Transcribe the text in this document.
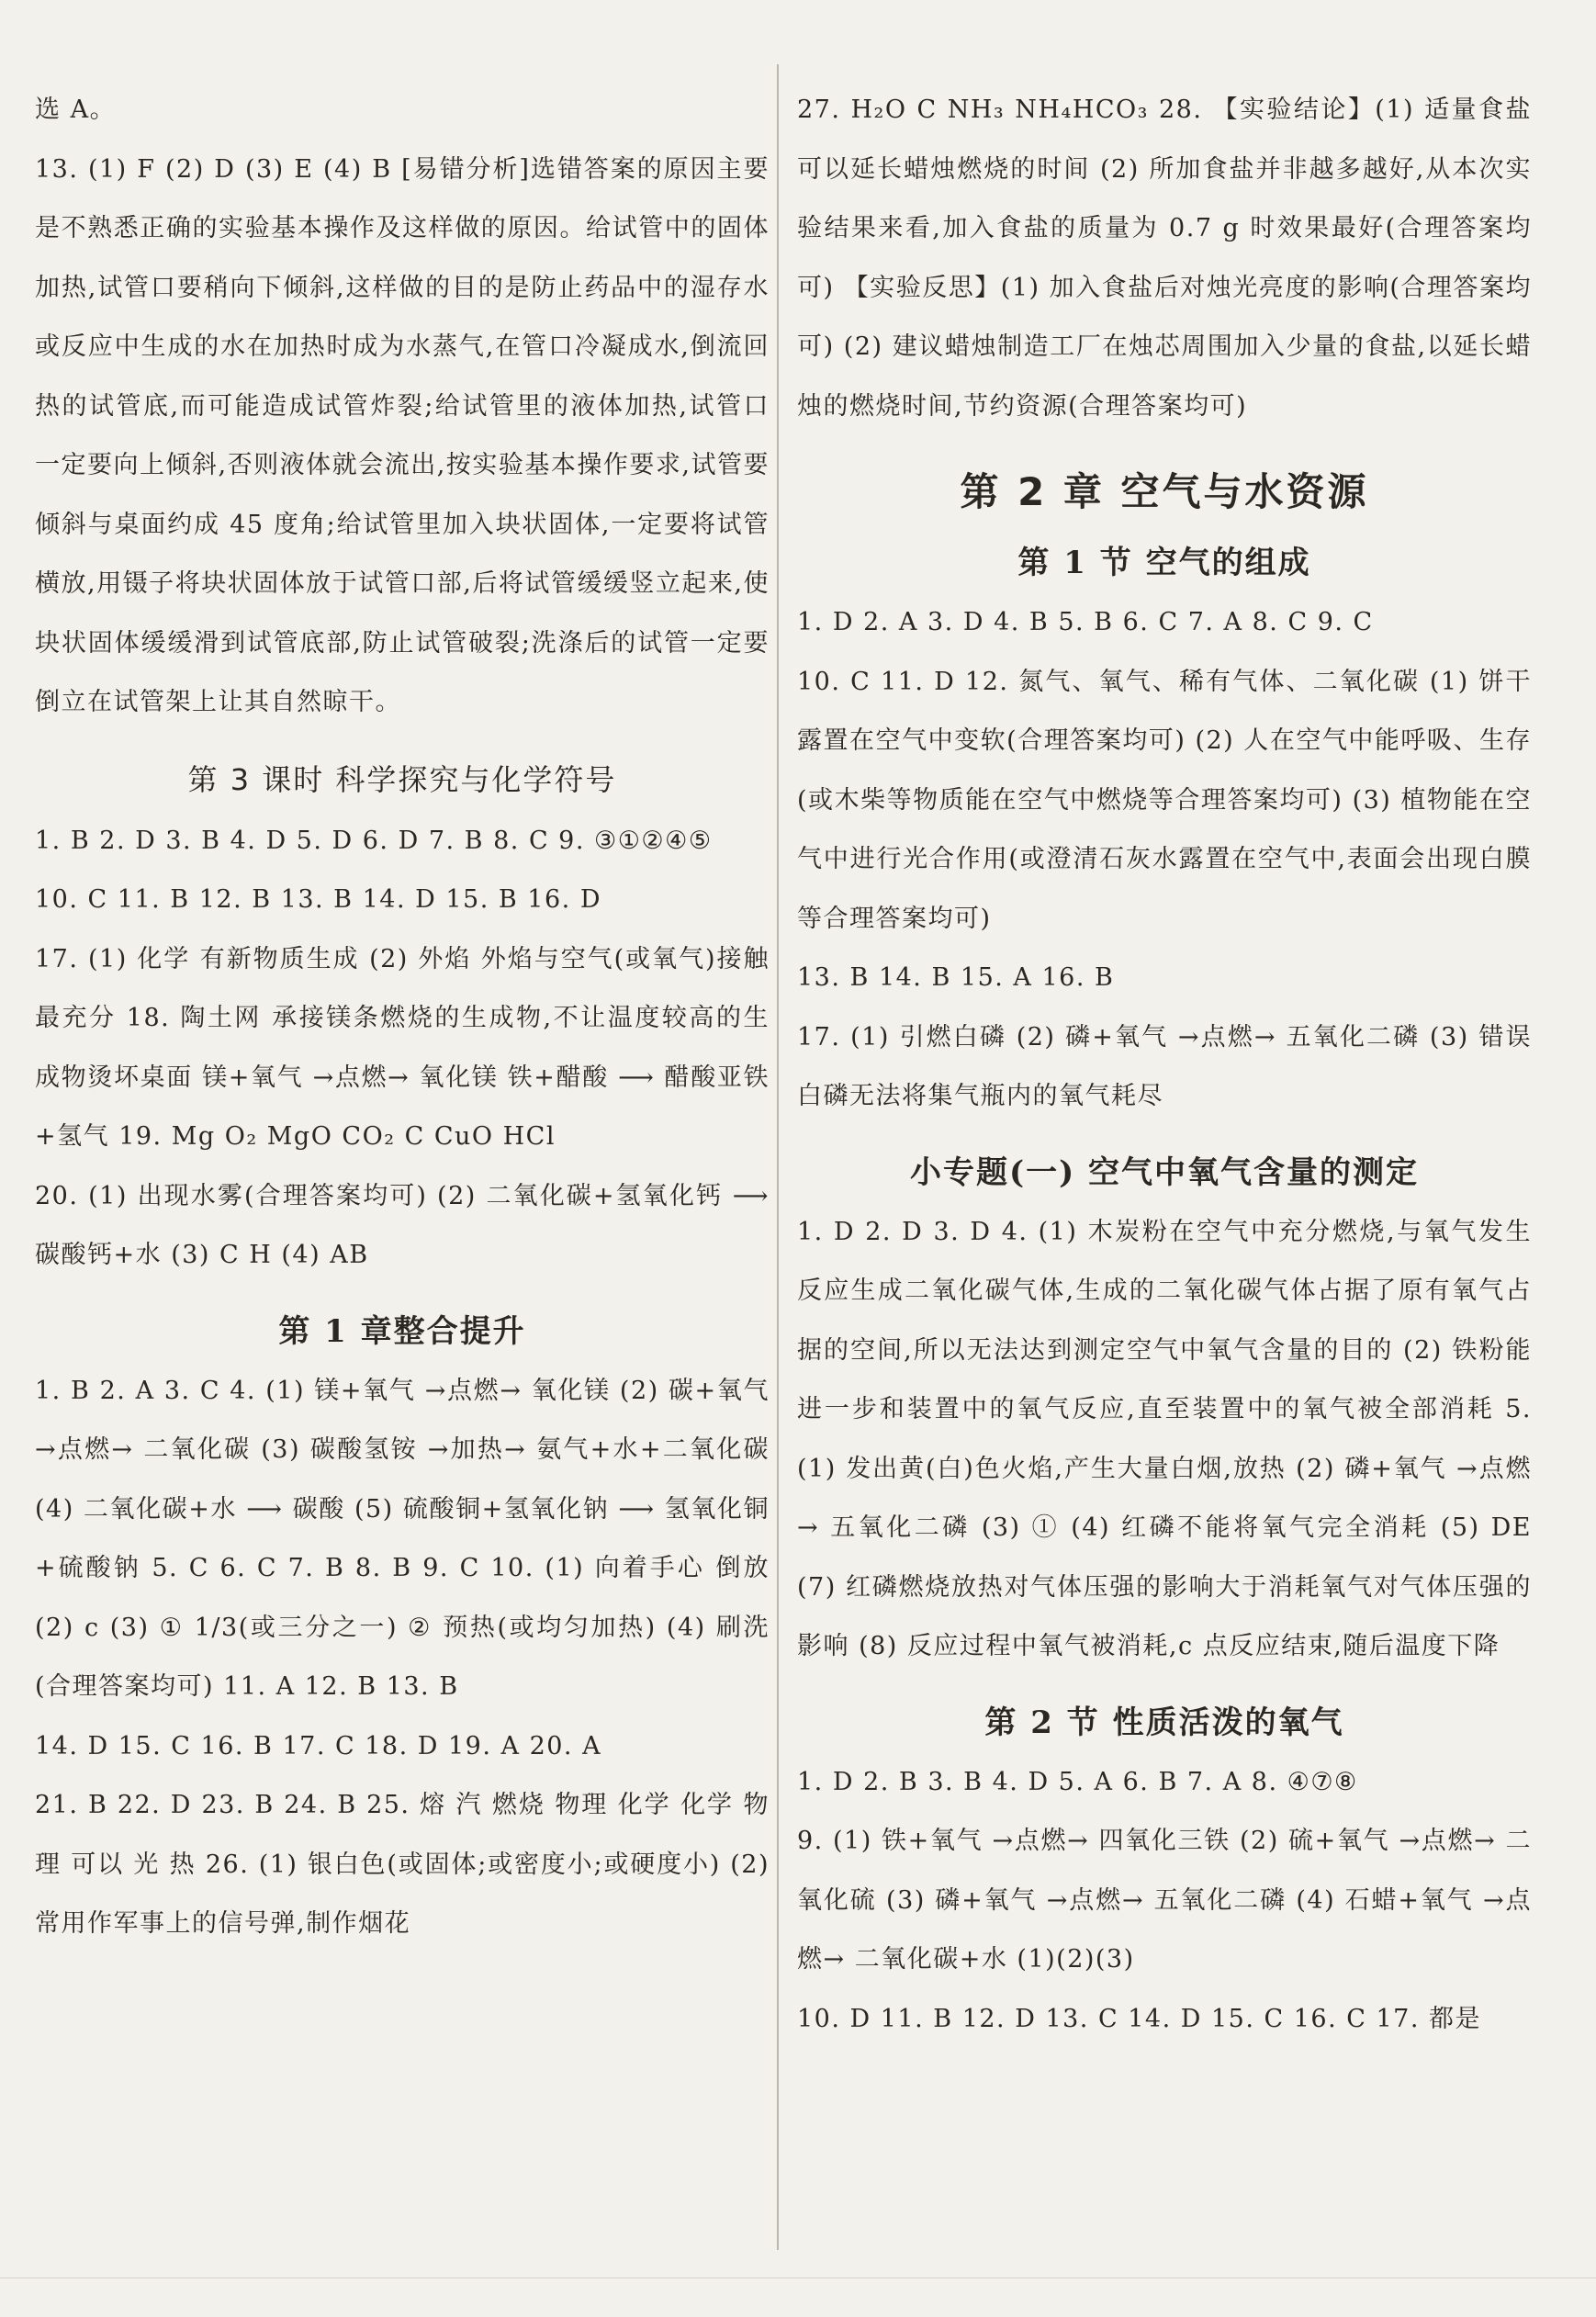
选 A。

13. (1) F (2) D (3) E (4) B [易错分析]选错答案的原因主要是不熟悉正确的实验基本操作及这样做的原因。给试管中的固体加热,试管口要稍向下倾斜,这样做的目的是防止药品中的湿存水或反应中生成的水在加热时成为水蒸气,在管口冷凝成水,倒流回热的试管底,而可能造成试管炸裂;给试管里的液体加热,试管口一定要向上倾斜,否则液体就会流出,按实验基本操作要求,试管要倾斜与桌面约成 45 度角;给试管里加入块状固体,一定要将试管横放,用镊子将块状固体放于试管口部,后将试管缓缓竖立起来,使块状固体缓缓滑到试管底部,防止试管破裂;洗涤后的试管一定要倒立在试管架上让其自然晾干。

第 3 课时 科学探究与化学符号

1. B 2. D 3. B 4. D 5. D 6. D 7. B 8. C 9. ③①②④⑤

10. C 11. B 12. B 13. B 14. D 15. B 16. D

17. (1) 化学 有新物质生成 (2) 外焰 外焰与空气(或氧气)接触最充分 18. 陶土网 承接镁条燃烧的生成物,不让温度较高的生成物烫坏桌面 镁+氧气 →点燃→ 氧化镁 铁+醋酸 ⟶ 醋酸亚铁+氢气 19. Mg O₂ MgO CO₂ C CuO HCl

20. (1) 出现水雾(合理答案均可) (2) 二氧化碳+氢氧化钙 ⟶ 碳酸钙+水 (3) C H (4) AB

第 1 章整合提升

1. B 2. A 3. C 4. (1) 镁+氧气 →点燃→ 氧化镁 (2) 碳+氧气 →点燃→ 二氧化碳 (3) 碳酸氢铵 →加热→ 氨气+水+二氧化碳 (4) 二氧化碳+水 ⟶ 碳酸 (5) 硫酸铜+氢氧化钠 ⟶ 氢氧化铜+硫酸钠 5. C 6. C 7. B 8. B 9. C 10. (1) 向着手心 倒放 (2) c (3) ① 1/3(或三分之一) ② 预热(或均匀加热) (4) 刷洗(合理答案均可) 11. A 12. B 13. B

14. D 15. C 16. B 17. C 18. D 19. A 20. A

21. B 22. D 23. B 24. B 25. 熔 汽 燃烧 物理 化学 化学 物理 可以 光 热 26. (1) 银白色(或固体;或密度小;或硬度小) (2) 常用作军事上的信号弹,制作烟花

27. H₂O C NH₃ NH₄HCO₃ 28. 【实验结论】(1) 适量食盐可以延长蜡烛燃烧的时间 (2) 所加食盐并非越多越好,从本次实验结果来看,加入食盐的质量为 0.7 g 时效果最好(合理答案均可) 【实验反思】(1) 加入食盐后对烛光亮度的影响(合理答案均可) (2) 建议蜡烛制造工厂在烛芯周围加入少量的食盐,以延长蜡烛的燃烧时间,节约资源(合理答案均可)

第 2 章 空气与水资源
第 1 节 空气的组成

1. D 2. A 3. D 4. B 5. B 6. C 7. A 8. C 9. C

10. C 11. D 12. 氮气、氧气、稀有气体、二氧化碳 (1) 饼干露置在空气中变软(合理答案均可) (2) 人在空气中能呼吸、生存(或木柴等物质能在空气中燃烧等合理答案均可) (3) 植物能在空气中进行光合作用(或澄清石灰水露置在空气中,表面会出现白膜等合理答案均可)

13. B 14. B 15. A 16. B

17. (1) 引燃白磷 (2) 磷+氧气 →点燃→ 五氧化二磷 (3) 错误 白磷无法将集气瓶内的氧气耗尽

小专题(一) 空气中氧气含量的测定

1. D 2. D 3. D 4. (1) 木炭粉在空气中充分燃烧,与氧气发生反应生成二氧化碳气体,生成的二氧化碳气体占据了原有氧气占据的空间,所以无法达到测定空气中氧气含量的目的 (2) 铁粉能进一步和装置中的氧气反应,直至装置中的氧气被全部消耗 5. (1) 发出黄(白)色火焰,产生大量白烟,放热 (2) 磷+氧气 →点燃→ 五氧化二磷 (3) ① (4) 红磷不能将氧气完全消耗 (5) DE (7) 红磷燃烧放热对气体压强的影响大于消耗氧气对气体压强的影响 (8) 反应过程中氧气被消耗,c 点反应结束,随后温度下降

第 2 节 性质活泼的氧气

1. D 2. B 3. B 4. D 5. A 6. B 7. A 8. ④⑦⑧

9. (1) 铁+氧气 →点燃→ 四氧化三铁 (2) 硫+氧气 →点燃→ 二氧化硫 (3) 磷+氧气 →点燃→ 五氧化二磷 (4) 石蜡+氧气 →点燃→ 二氧化碳+水 (1)(2)(3)

10. D 11. B 12. D 13. C 14. D 15. C 16. C 17. 都是
